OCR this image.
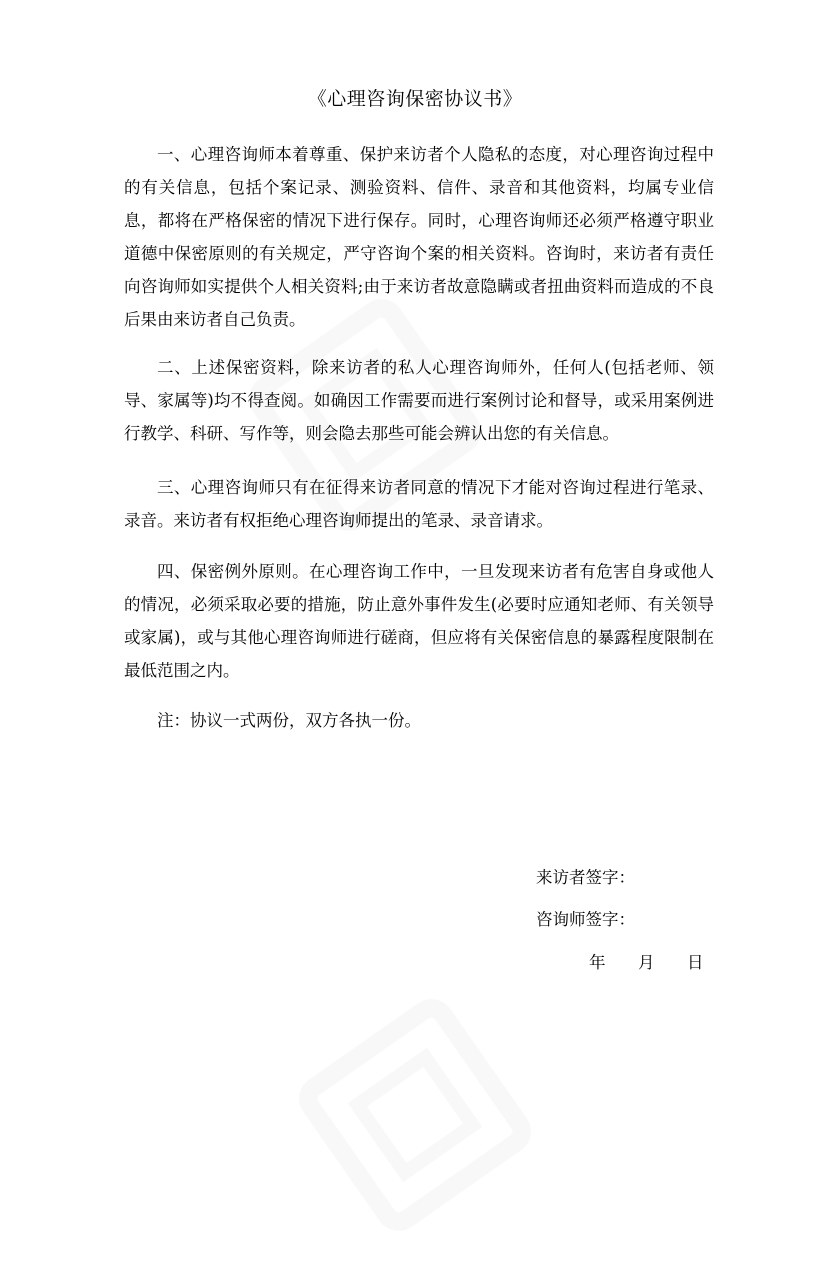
《心理咨询保密协议书》

一、心理咨询师本着尊重、保护来访者个人隐私的态度，对心理咨询过程中的有关信息，包括个案记录、测验资料、信件、录音和其他资料，均属专业信息，都将在严格保密的情况下进行保存。同时，心理咨询师还必须严格遵守职业道德中保密原则的有关规定，严守咨询个案的相关资料。咨询时，来访者有责任向咨询师如实提供个人相关资料;由于来访者故意隐瞒或者扭曲资料而造成的不良后果由来访者自己负责。

二、上述保密资料，除来访者的私人心理咨询师外，任何人(包括老师、领导、家属等)均不得查阅。如确因工作需要而进行案例讨论和督导，或采用案例进行教学、科研、写作等，则会隐去那些可能会辨认出您的有关信息。

三、心理咨询师只有在征得来访者同意的情况下才能对咨询过程进行笔录、录音。来访者有权拒绝心理咨询师提出的笔录、录音请求。

四、保密例外原则。在心理咨询工作中，一旦发现来访者有危害自身或他人的情况，必须采取必要的措施，防止意外事件发生(必要时应通知老师、有关领导或家属)，或与其他心理咨询师进行磋商，但应将有关保密信息的暴露程度限制在最低范围之内。

注：协议一式两份，双方各执一份。

来访者签字：
咨询师签字：
年 月 日
